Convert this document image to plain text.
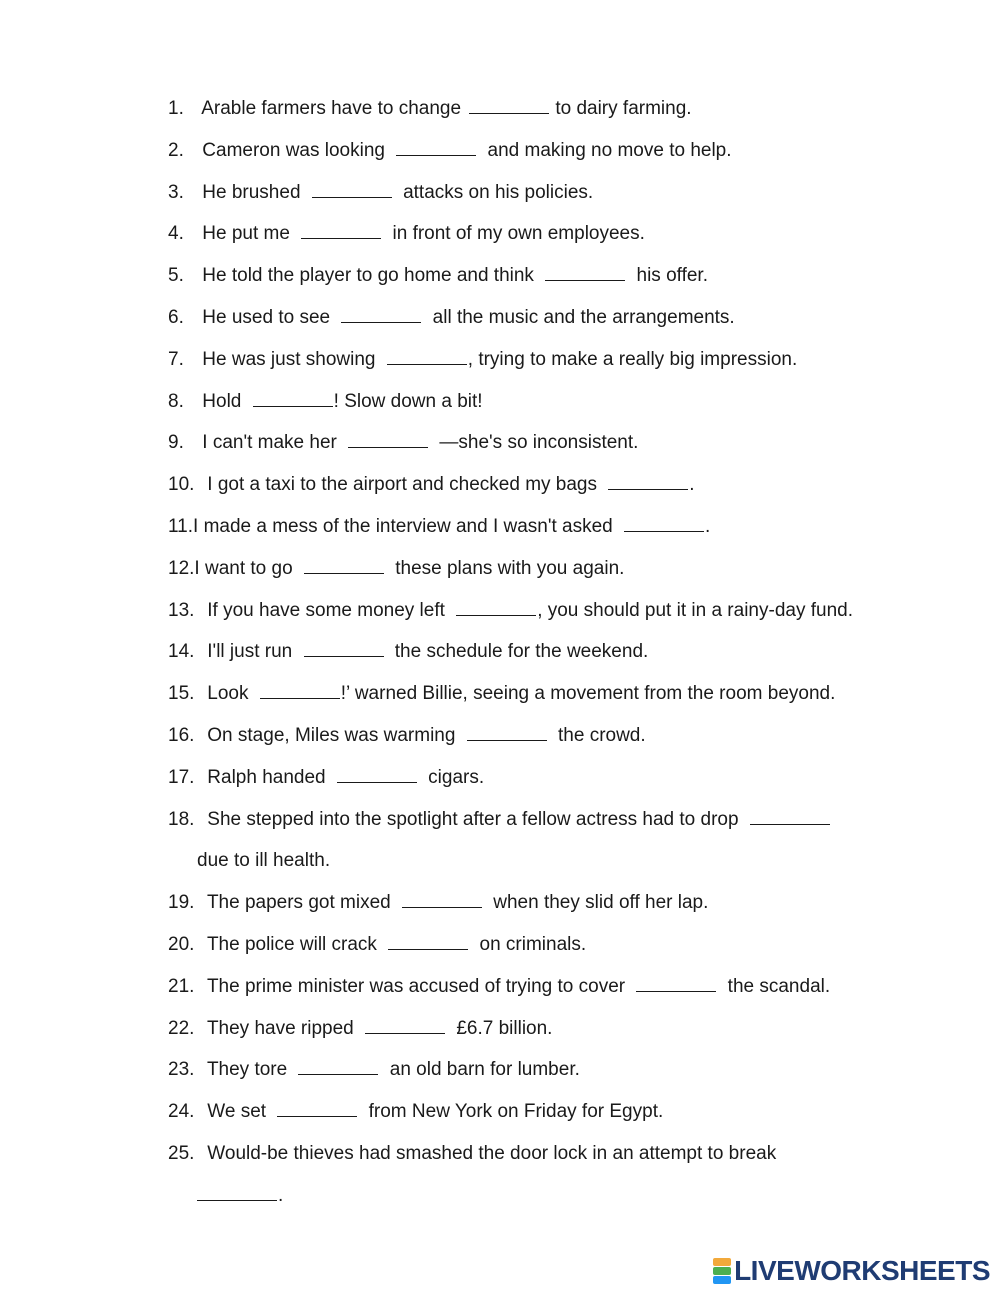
1. Arable farmers have to change	to dairy farming.
2. Cameron was looking	and making no move to help.
3. He brushed	attacks on his policies.
4. He put me	in front of my own employees.
5. He told the player to go home and think	his offer.
6. He used to see	all the music and the arrangements.
7. He was just showing	, trying to make a really big impression.
8. Hold	! Slow down a bit!
9. I can't make her	—she's so inconsistent.
10. I got a taxi to the airport and checked my bags	.
11.I made a mess of the interview and I wasn't asked	.
12.I want to go	these plans with you again.
13. If you have some money left	, you should put it in a rainy-day fund.
14. I'll just run	the schedule for the weekend.
15. Look	!’ warned Billie, seeing a movement from the room beyond.
16. On stage, Miles was warming	the crowd.
17. Ralph handed	cigars.
18. She stepped into the spotlight after a fellow actress had to drop
due to ill health.
19. The papers got mixed	when they slid off her lap.
20. The police will crack	on criminals.
21. The prime minister was accused of trying to cover	the scandal.
22. They have ripped	£6.7 billion.
23. They tore	an old barn for lumber.
24. We set	from New York on Friday for Egypt.
25. Would-be thieves had smashed the door lock in an attempt to break
.
LIVEWORKSHEETS
